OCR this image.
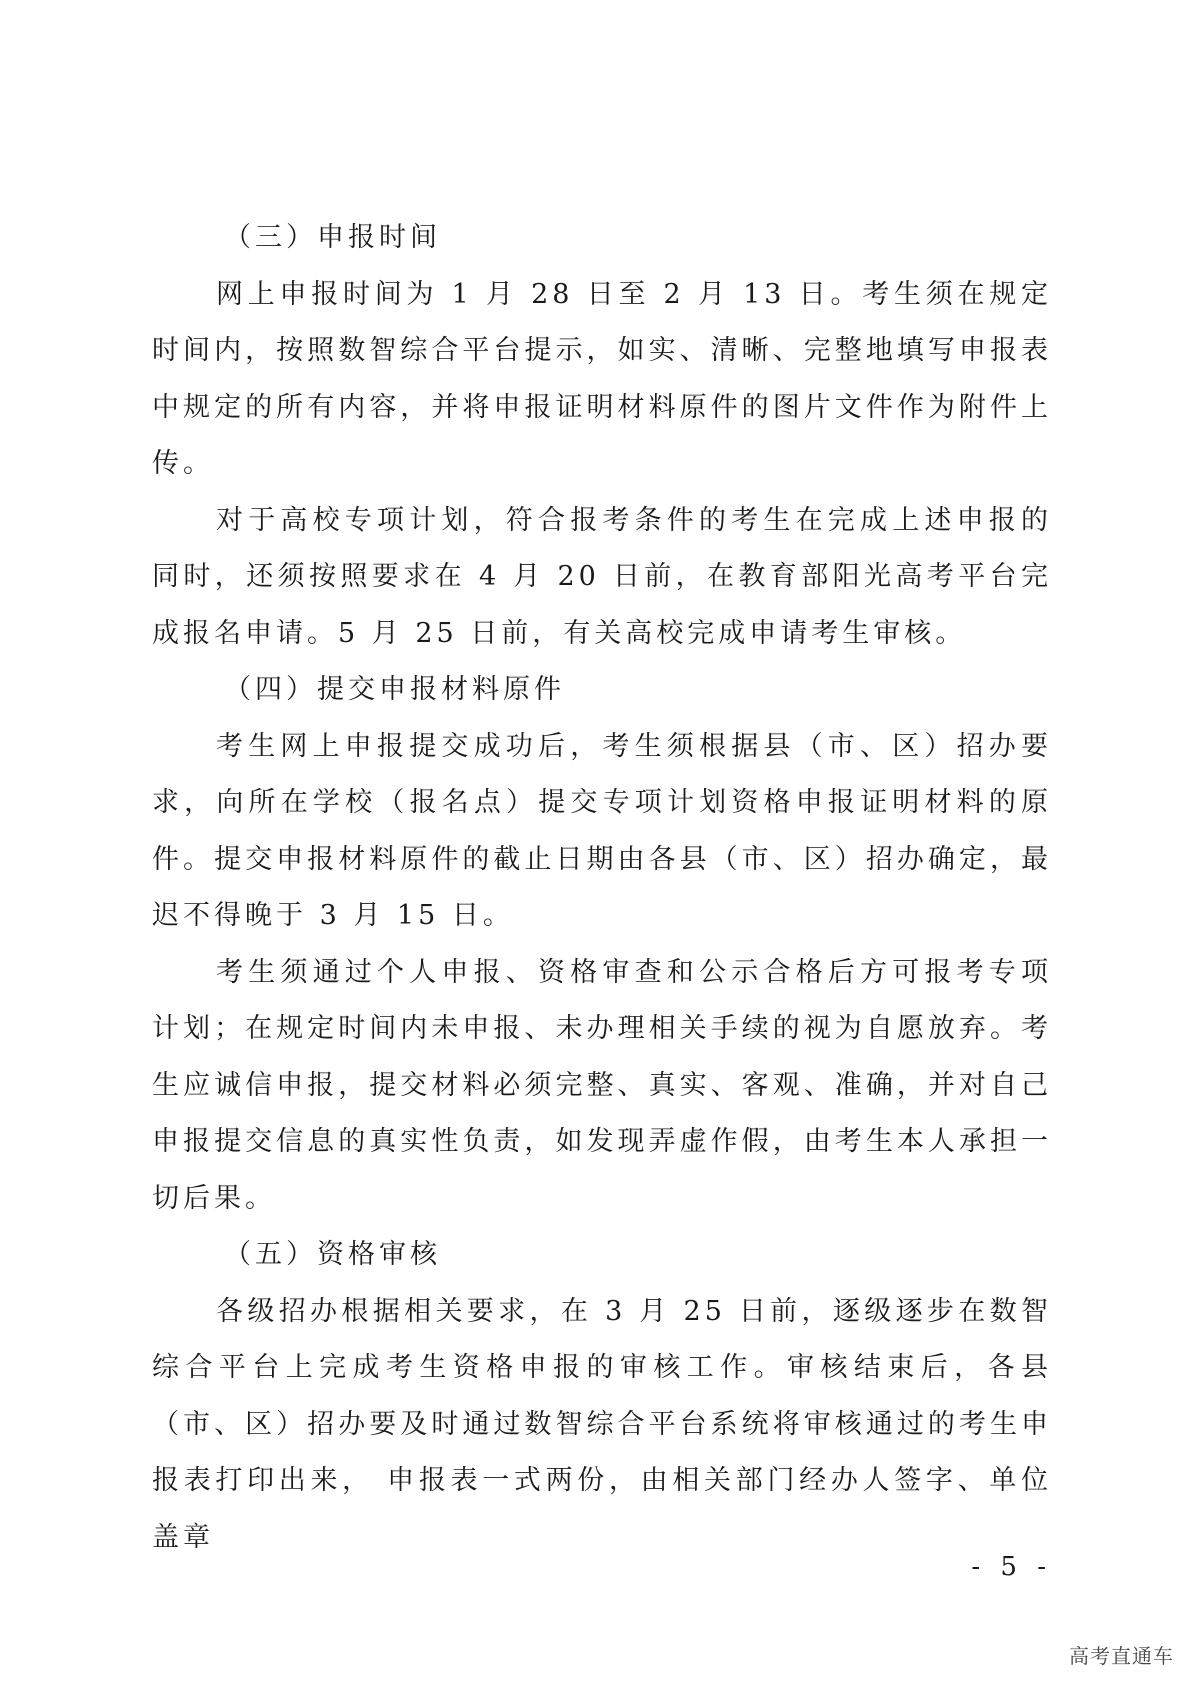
（三）申报时间

网上申报时间为 1 月 28 日至 2 月 13 日。考生须在规定时间内，按照数智综合平台提示，如实、清晰、完整地填写申报表中规定的所有内容，并将申报证明材料原件的图片文件作为附件上传。

对于高校专项计划，符合报考条件的考生在完成上述申报的同时，还须按照要求在 4 月 20 日前，在教育部阳光高考平台完成报名申请。5 月 25 日前，有关高校完成申请考生审核。

（四）提交申报材料原件

考生网上申报提交成功后，考生须根据县（市、区）招办要求，向所在学校（报名点）提交专项计划资格申报证明材料的原件。提交申报材料原件的截止日期由各县（市、区）招办确定，最迟不得晚于 3 月 15 日。

考生须通过个人申报、资格审查和公示合格后方可报考专项计划；在规定时间内未申报、未办理相关手续的视为自愿放弃。考生应诚信申报，提交材料必须完整、真实、客观、准确，并对自己申报提交信息的真实性负责，如发现弄虚作假，由考生本人承担一切后果。

（五）资格审核

各级招办根据相关要求，在 3 月 25 日前，逐级逐步在数智综合平台上完成考生资格申报的审核工作。审核结束后，各县（市、区）招办要及时通过数智综合平台系统将审核通过的考生申报表打印出来， 申报表一式两份，由相关部门经办人签字、单位盖章

- 5 -

高考直通车
